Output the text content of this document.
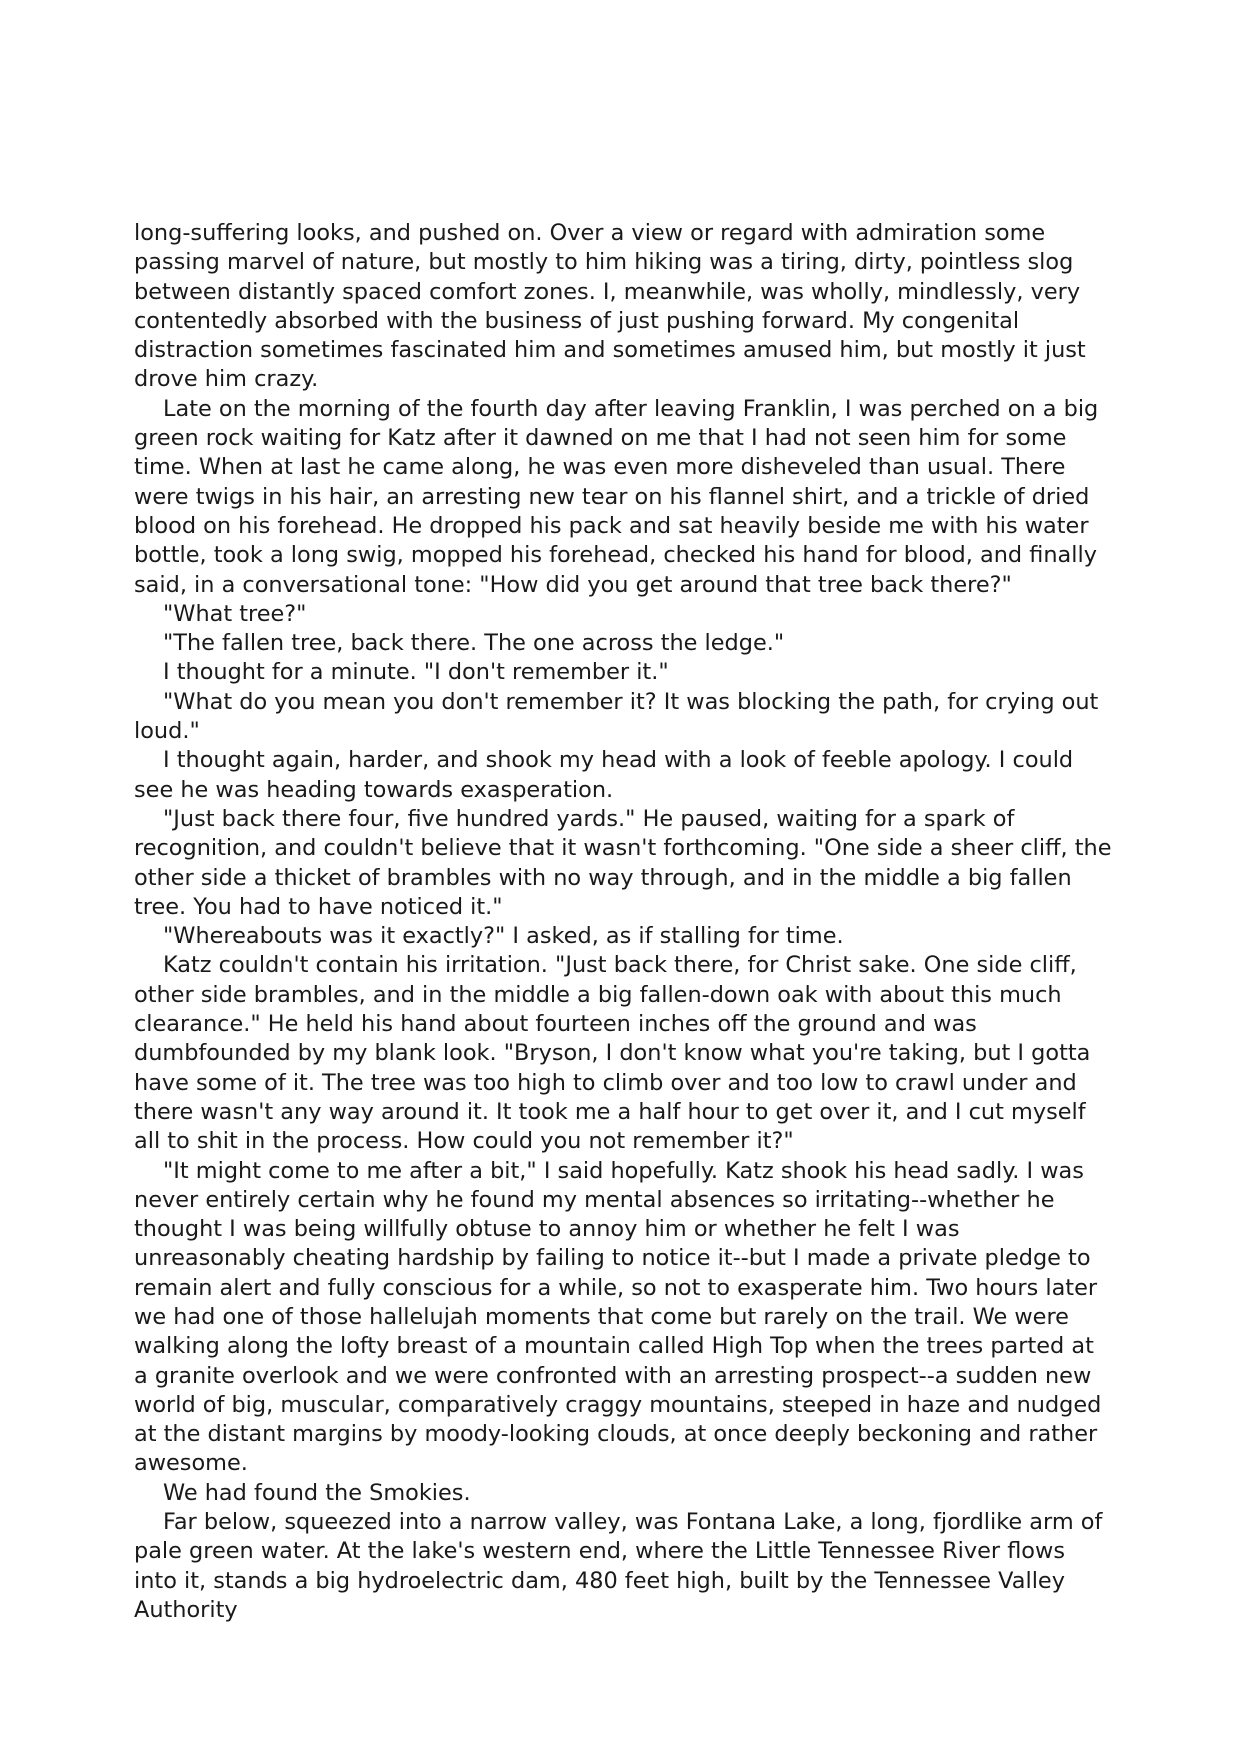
long-suffering looks, and pushed on. Over a view or regard with admiration some passing marvel of nature, but mostly to him hiking was a tiring, dirty, pointless slog between distantly spaced comfort zones. I, meanwhile, was wholly, mindlessly, very contentedly absorbed with the business of just pushing forward. My congenital distraction sometimes fascinated him and sometimes amused him, but mostly it just drove him crazy.

Late on the morning of the fourth day after leaving Franklin, I was perched on a big green rock waiting for Katz after it dawned on me that I had not seen him for some time. When at last he came along, he was even more disheveled than usual. There were twigs in his hair, an arresting new tear on his flannel shirt, and a trickle of dried blood on his forehead. He dropped his pack and sat heavily beside me with his water bottle, took a long swig, mopped his forehead, checked his hand for blood, and finally said, in a conversational tone: "How did you get around that tree back there?"

"What tree?"

"The fallen tree, back there. The one across the ledge."

I thought for a minute. "I don't remember it."

"What do you mean you don't remember it? It was blocking the path, for crying out loud."

I thought again, harder, and shook my head with a look of feeble apology. I could see he was heading towards exasperation.

"Just back there four, five hundred yards." He paused, waiting for a spark of recognition, and couldn't believe that it wasn't forthcoming. "One side a sheer cliff, the other side a thicket of brambles with no way through, and in the middle a big fallen tree. You had to have noticed it."

"Whereabouts was it exactly?" I asked, as if stalling for time.

Katz couldn't contain his irritation. "Just back there, for Christ sake. One side cliff, other side brambles, and in the middle a big fallen-down oak with about this much clearance." He held his hand about fourteen inches off the ground and was dumbfounded by my blank look. "Bryson, I don't know what you're taking, but I gotta have some of it. The tree was too high to climb over and too low to crawl under and there wasn't any way around it. It took me a half hour to get over it, and I cut myself all to shit in the process. How could you not remember it?"

"It might come to me after a bit," I said hopefully. Katz shook his head sadly. I was never entirely certain why he found my mental absences so irritating--whether he thought I was being willfully obtuse to annoy him or whether he felt I was unreasonably cheating hardship by failing to notice it--but I made a private pledge to remain alert and fully conscious for a while, so not to exasperate him. Two hours later we had one of those hallelujah moments that come but rarely on the trail. We were walking along the lofty breast of a mountain called High Top when the trees parted at a granite overlook and we were confronted with an arresting prospect--a sudden new world of big, muscular, comparatively craggy mountains, steeped in haze and nudged at the distant margins by moody-looking clouds, at once deeply beckoning and rather awesome.

We had found the Smokies.

Far below, squeezed into a narrow valley, was Fontana Lake, a long, fjordlike arm of pale green water. At the lake's western end, where the Little Tennessee River flows into it, stands a big hydroelectric dam, 480 feet high, built by the Tennessee Valley Authority
